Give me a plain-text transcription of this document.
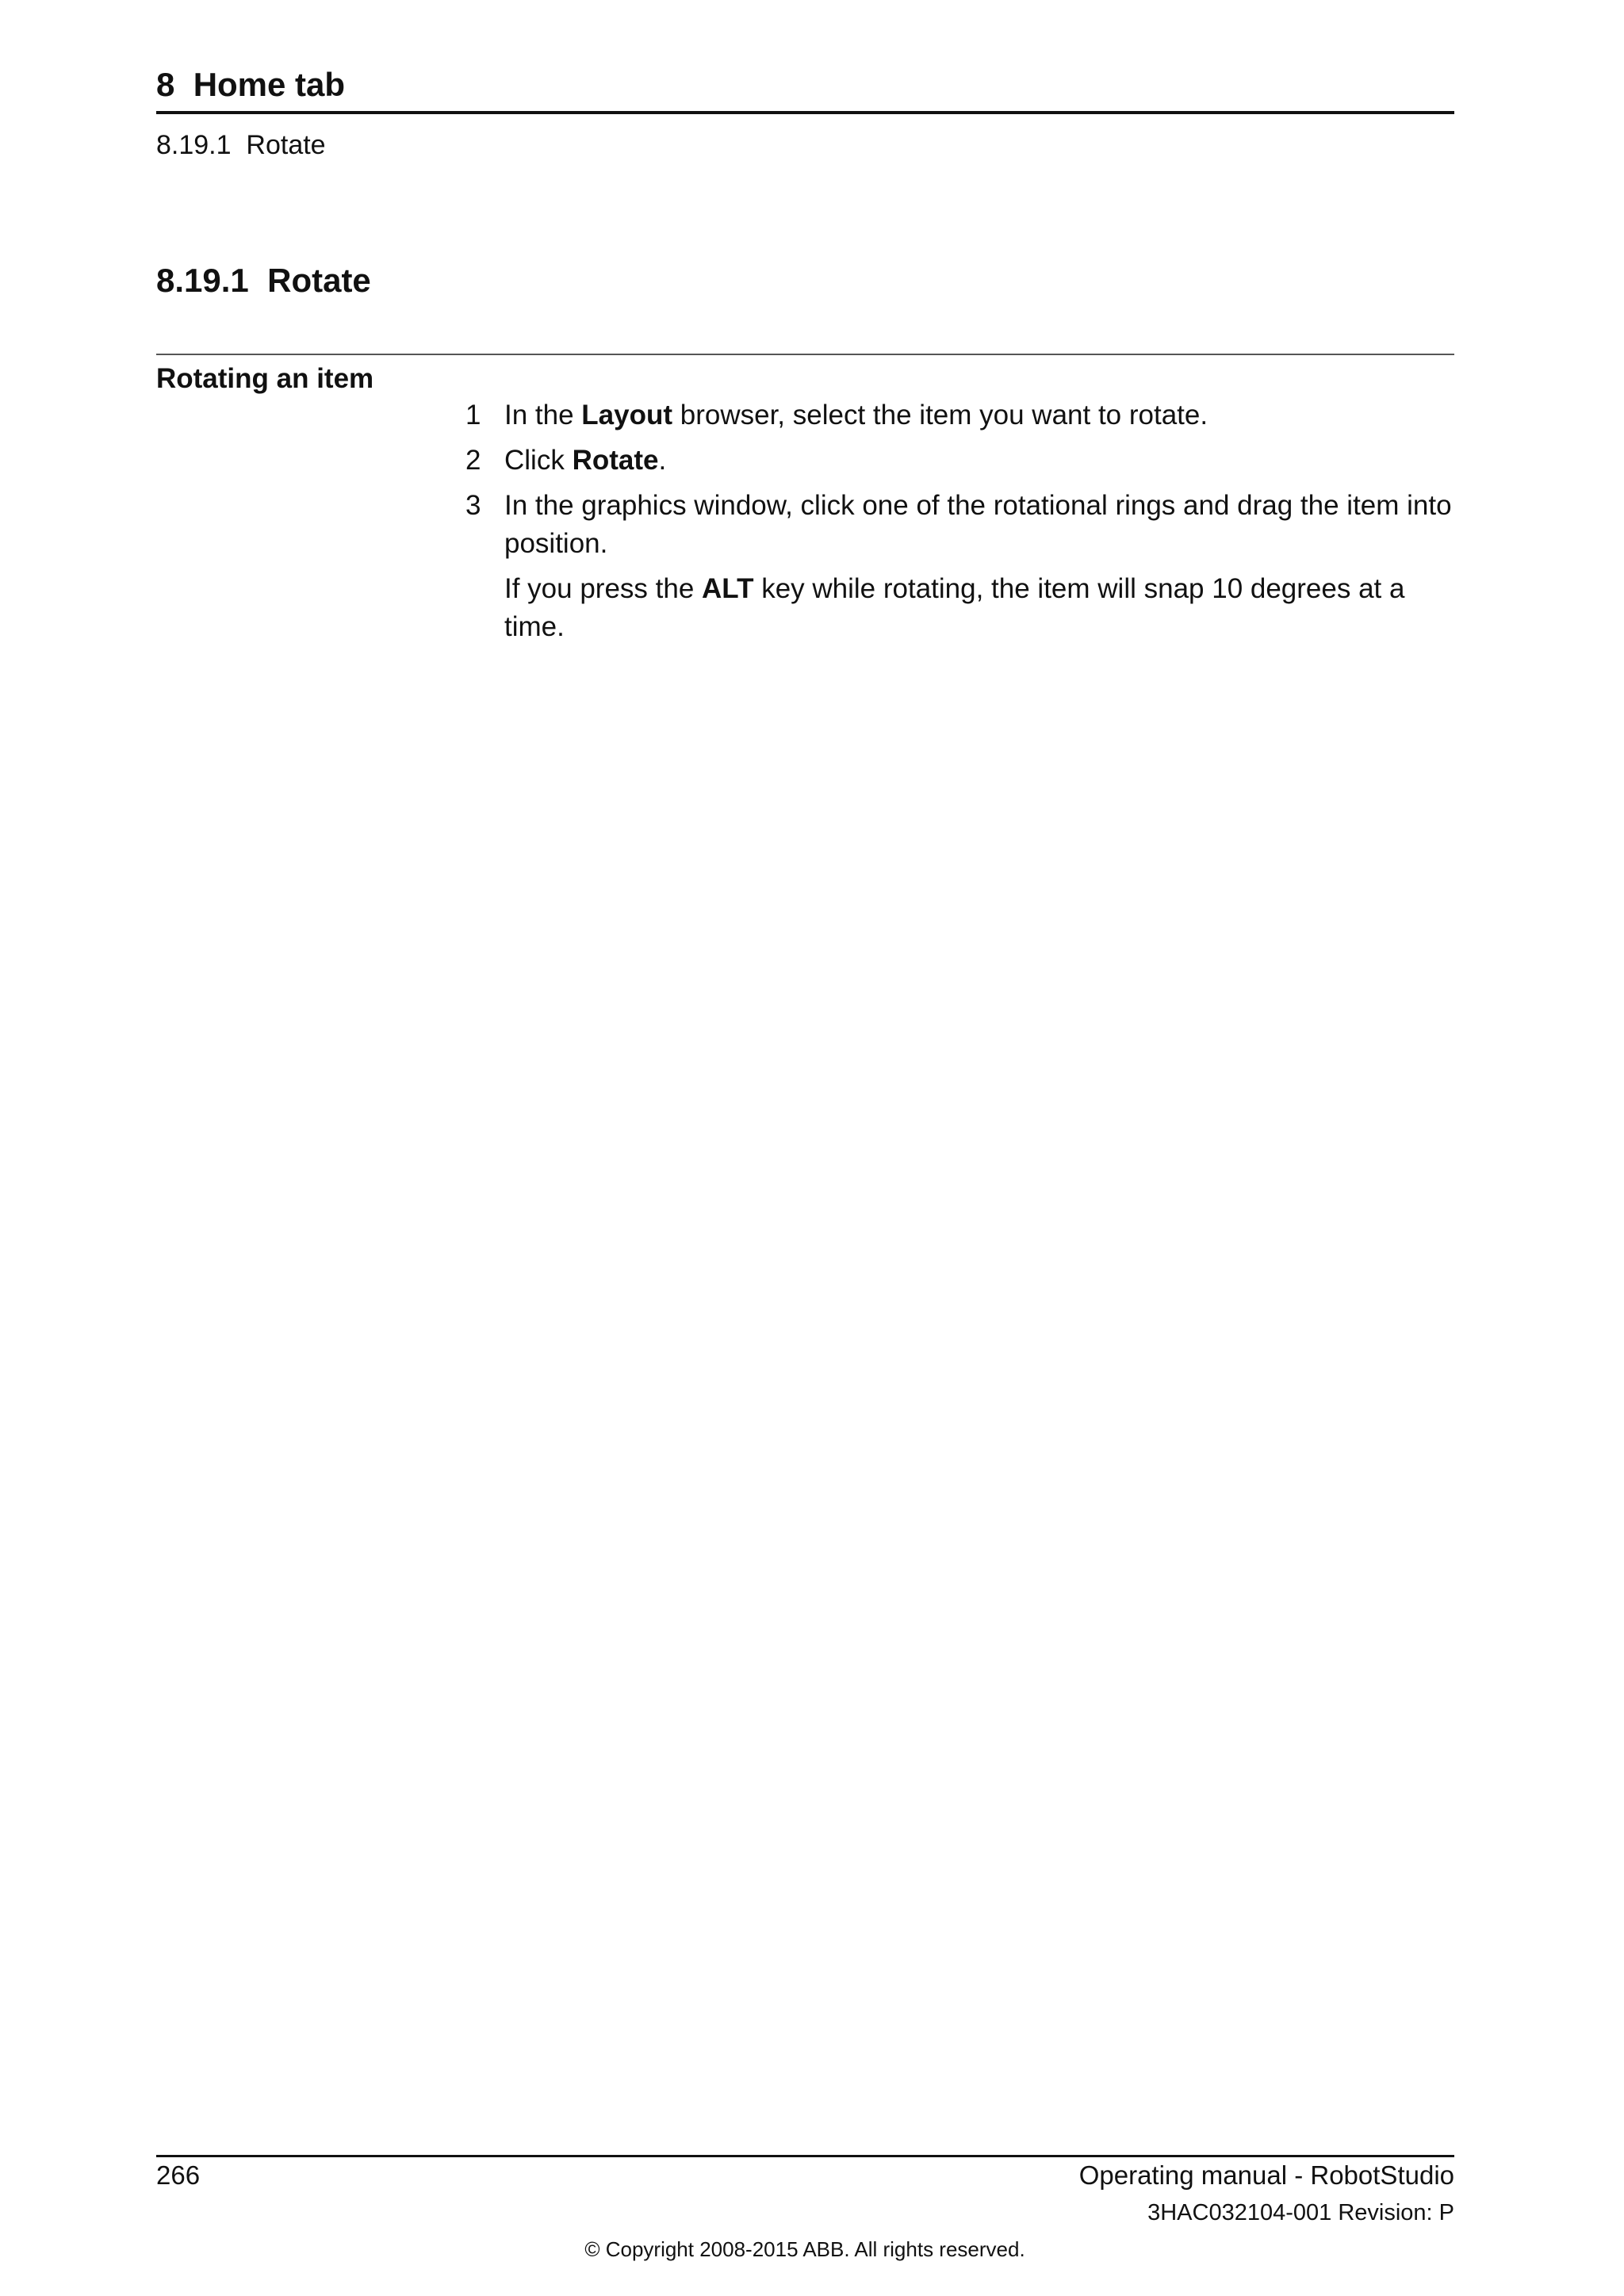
8  Home tab
8.19.1  Rotate
8.19.1  Rotate
Rotating an item
1 In the Layout browser, select the item you want to rotate.
2 Click Rotate.
3 In the graphics window, click one of the rotational rings and drag the item into position.
If you press the ALT key while rotating, the item will snap 10 degrees at a time.
266	Operating manual - RobotStudio
3HAC032104-001 Revision: P
© Copyright 2008-2015 ABB. All rights reserved.
